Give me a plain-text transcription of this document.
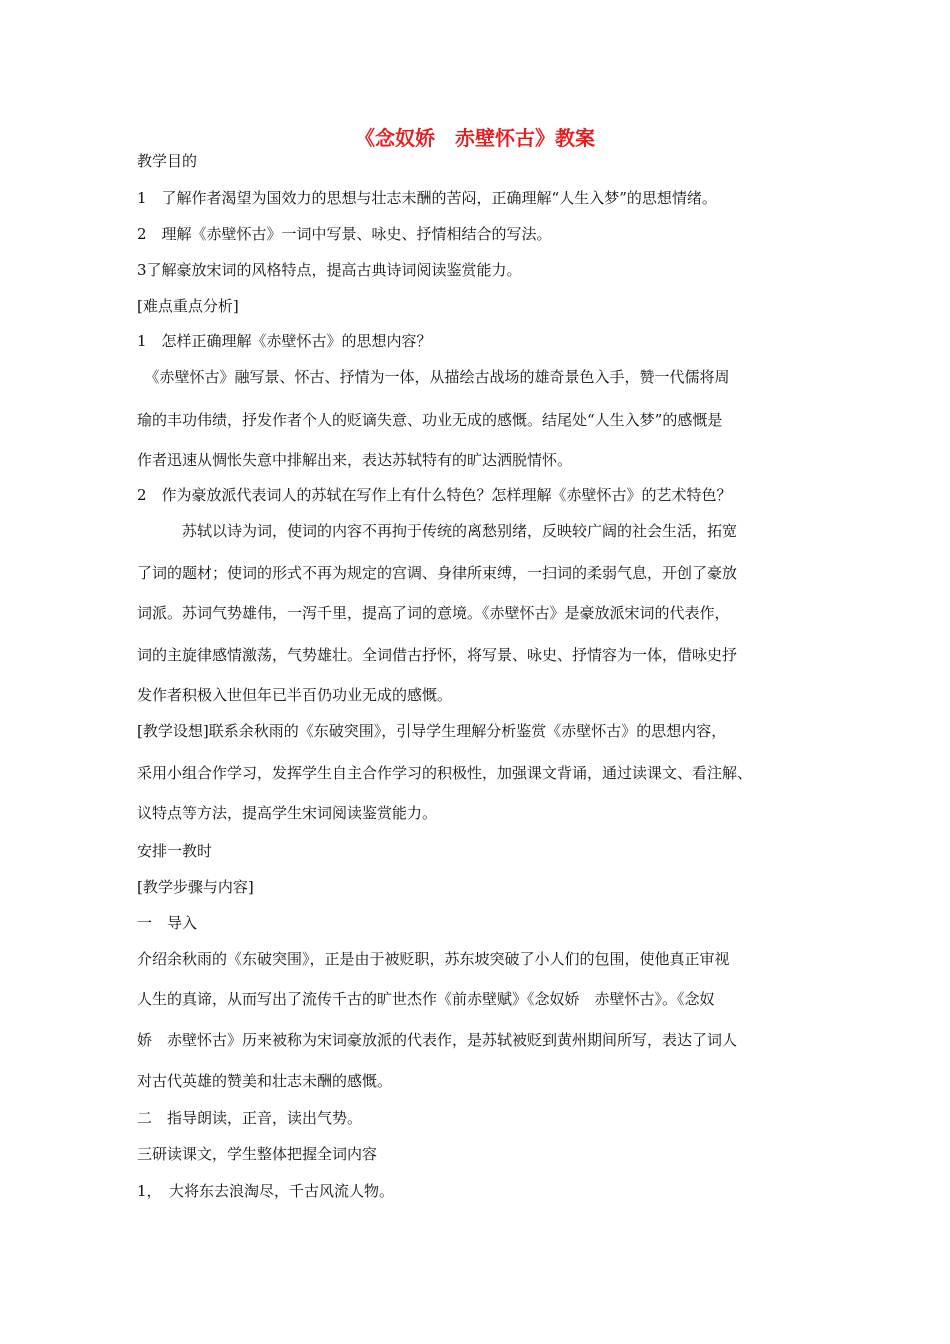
《念奴娇　赤壁怀古》教案
教学目的
1　了解作者渴望为国效力的思想与壮志未酬的苦闷，正确理解“人生入梦”的思想情绪。
2　理解《赤壁怀古》一词中写景、咏史、抒情相结合的写法。
3了解豪放宋词的风格特点，提高古典诗词阅读鉴赏能力。
[难点重点分析]
1　怎样正确理解《赤壁怀古》的思想内容？
　《赤壁怀古》融写景、怀古、抒情为一体，从描绘古战场的雄奇景色入手，赞一代儒将周
瑜的丰功伟绩，抒发作者个人的贬谪失意、功业无成的感慨。结尾处“人生入梦”的感慨是
作者迅速从惆怅失意中排解出来，表达苏轼特有的旷达洒脱情怀。
2　作为豪放派代表词人的苏轼在写作上有什么特色？怎样理解《赤壁怀古》的艺术特色？
　　　苏轼以诗为词，使词的内容不再拘于传统的离愁别绪，反映较广阔的社会生活，拓宽
了词的题材；使词的形式不再为规定的宫调、身律所束缚，一扫词的柔弱气息，开创了豪放
词派。苏词气势雄伟，一泻千里，提高了词的意境。《赤壁怀古》是豪放派宋词的代表作，
词的主旋律感情激荡，气势雄壮。全词借古抒怀，将写景、咏史、抒情容为一体，借咏史抒
发作者积极入世但年已半百仍功业无成的感慨。
[教学设想]联系余秋雨的《东破突围》，引导学生理解分析鉴赏《赤壁怀古》的思想内容，
采用小组合作学习，发挥学生自主合作学习的积极性，加强课文背诵，通过读课文、看注解、
议特点等方法，提高学生宋词阅读鉴赏能力。
安排一教时
[教学步骤与内容]
一　导入
介绍余秋雨的《东破突围》，正是由于被贬职，苏东坡突破了小人们的包围，使他真正审视
人生的真谛，从而写出了流传千古的旷世杰作《前赤壁赋》《念奴娇　赤壁怀古》。《念奴
娇　赤壁怀古》历来被称为宋词豪放派的代表作，是苏轼被贬到黄州期间所写，表达了词人
对古代英雄的赞美和壮志未酬的感慨。
二　指导朗读，正音，读出气势。
三研读课文，学生整体把握全词内容
1，　大将东去浪淘尽，千古风流人物。
